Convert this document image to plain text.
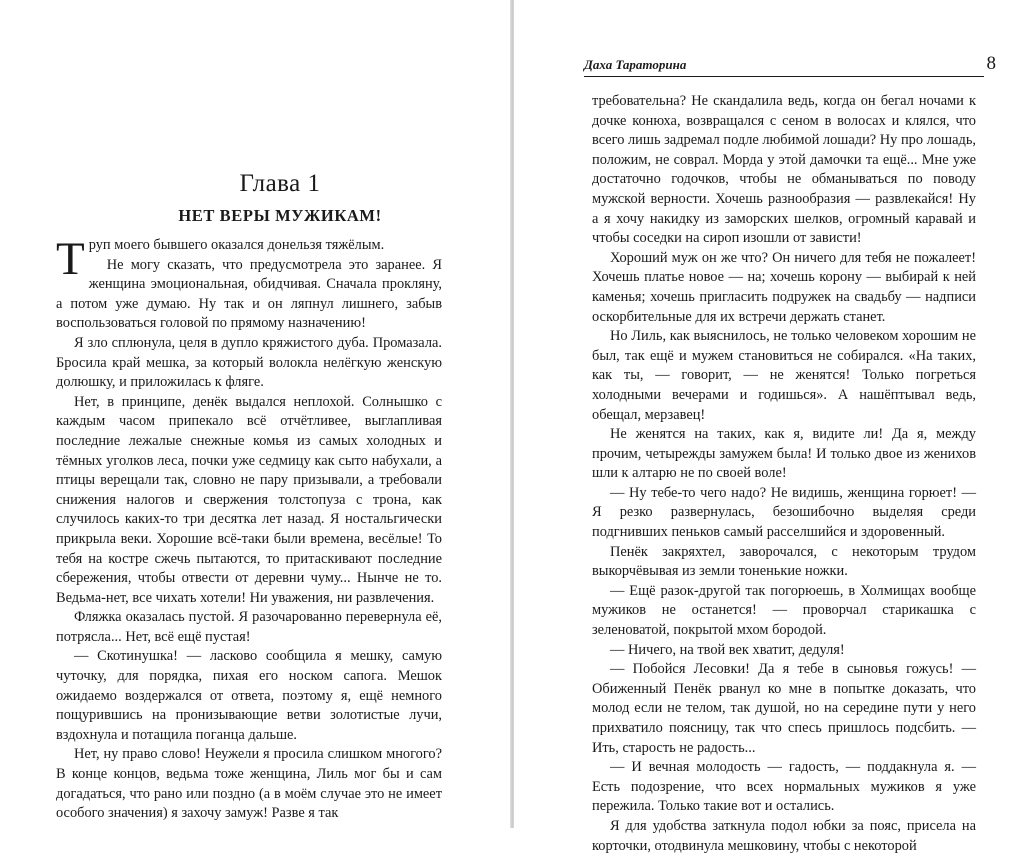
Глава 1
НЕТ ВЕРЫ МУЖИКАМ!

Труп моего бывшего оказался донельзя тяжёлым.

Не могу сказать, что предусмотрела это заранее. Я женщина эмоциональная, обидчивая. Сначала прокляну, а потом уже думаю. Ну так и он ляпнул лишнего, забыв воспользоваться головой по прямому назначению!

Я зло сплюнула, целя в дупло кряжистого дуба. Промазала. Бросила край мешка, за который волокла нелёгкую женскую долюшку, и приложилась к фляге.

Нет, в принципе, денёк выдался неплохой. Солнышко с каждым часом припекало всё отчётливее, выглапливая последние лежалые снежные комья из самых холодных и тёмных уголков леса, почки уже седмицу как сыто набухали, а птицы верещали так, словно не пару призывали, а требовали снижения налогов и свержения толстопуза с трона, как случилось каких-то три десятка лет назад. Я ностальгически прикрыла веки. Хорошие всё-таки были времена, весёлые! То тебя на костре сжечь пытаются, то притаскивают последние сбережения, чтобы отвести от деревни чуму... Нынче не то. Ведьма-нет, все чихать хотели! Ни уважения, ни развлечения.

Фляжка оказалась пустой. Я разочарованно перевернула её, потрясла... Нет, всё ещё пустая!

— Скотинушка! — ласково сообщила я мешку, самую чуточку, для порядка, пихая его носком сапога. Мешок ожидаемо воздержался от ответа, поэтому я, ещё немного пощурившись на пронизывающие ветви золотистые лучи, вздохнула и потащила поганца дальше.

Нет, ну право слово! Неужели я просила слишком многого? В конце концов, ведьма тоже женщина, Лиль мог бы и сам догадаться, что рано или поздно (а в моём случае это не имеет особого значения) я захочу замуж! Разве я так

Даха Тараторина	8

требовательна? Не скандалила ведь, когда он бегал ночами к дочке конюха, возвращался с сеном в волосах и клялся, что всего лишь задремал подле любимой лошади? Ну про лошадь, положим, не соврал. Морда у этой дамочки та ещё... Мне уже достаточно годочков, чтобы не обманываться по поводу мужской верности. Хочешь разнообразия — развлекайся! Ну а я хочу накидку из заморских шелков, огромный каравай и чтобы соседки на сироп изошли от зависти!

Хороший муж он же что? Он ничего для тебя не пожалеет! Хочешь платье новое — на; хочешь корону — выбирай к ней каменья; хочешь пригласить подружек на свадьбу — надписи оскорбительные для их встречи держать станет.

Но Лиль, как выяснилось, не только человеком хорошим не был, так ещё и мужем становиться не собирался. «На таких, как ты, — говорит, — не женятся! Только погреться холодными вечерами и годишься». А нашёптывал ведь, обещал, мерзавец!

Не женятся на таких, как я, видите ли! Да я, между прочим, четырежды замужем была! И только двое из женихов шли к алтарю не по своей воле!

— Ну тебе-то чего надо? Не видишь, женщина горюет! — Я резко развернулась, безошибочно выделяя среди подгнивших пеньков самый расселшийся и здоровенный.

Пенёк закряхтел, заворочался, с некоторым трудом выкорчёвывая из земли тоненькие ножки.

— Ещё разок-другой так погорюешь, в Холмищах вообще мужиков не останется! — проворчал старикашка с зеленоватой, покрытой мхом бородой.

— Ничего, на твой век хватит, дедуля!

— Побойся Лесовки! Да я тебе в сыновья гожусь! — Обиженный Пенёк рванул ко мне в попытке доказать, что молод если не телом, так душой, но на середине пути у него прихватило поясницу, так что спесь пришлось подсбить. — Ить, старость не радость...

— И вечная молодость — гадость, — поддакнула я. — Есть подозрение, что всех нормальных мужиков я уже пережила. Только такие вот и остались.

Я для удобства заткнула подол юбки за пояс, присела на корточки, отодвинула мешковину, чтобы с некоторой
